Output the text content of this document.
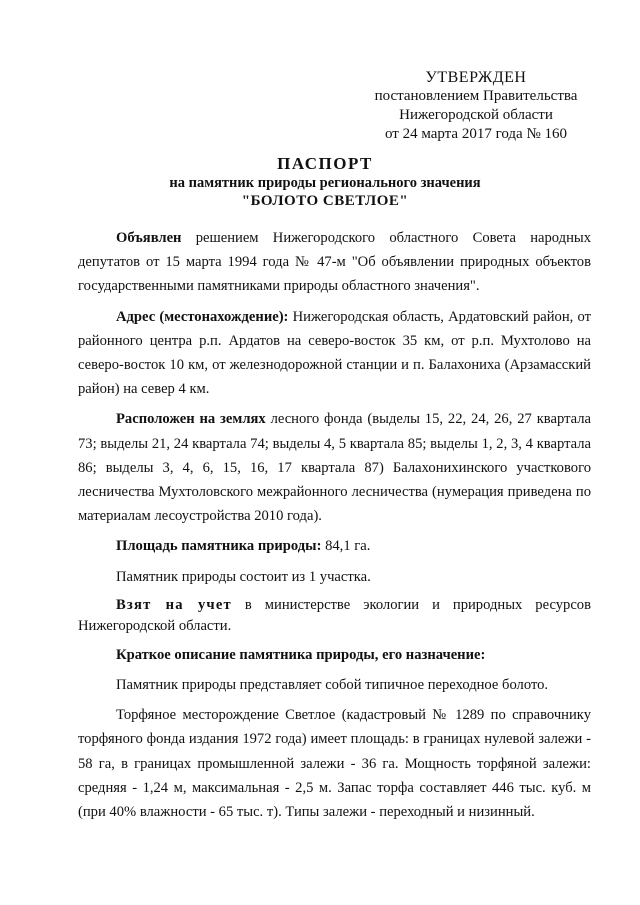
УТВЕРЖДЕН
постановлением Правительства
Нижегородской области
от 24 марта 2017 года № 160
ПАСПОРТ
на памятник природы регионального значения
"БОЛОТО СВЕТЛОЕ"

Объявлен решением Нижегородского областного Совета народных депутатов от 15 марта 1994 года № 47-м "Об объявлении природных объектов государственными памятниками природы областного значения".

Адрес (местонахождение): Нижегородская область, Ардатовский район, от районного центра р.п. Ардатов на северо-восток 35 км, от р.п. Мухтолово на северо-восток 10 км, от железнодорожной станции и п. Балахониха (Арзамасский район) на север 4 км.

Расположен на землях лесного фонда (выделы 15, 22, 24, 26, 27 квартала 73; выделы 21, 24 квартала 74; выделы 4, 5 квартала 85; выделы 1, 2, 3, 4 квартала 86; выделы 3, 4, 6, 15, 16, 17 квартала 87) Балахонихинского участкового лесничества Мухтоловского межрайонного лесничества (нумерация приведена по материалам лесоустройства 2010 года).

Площадь памятника природы: 84,1 га.

Памятник природы состоит из 1 участка.

Взят на учет в министерстве экологии и природных ресурсов Нижегородской области.

Краткое описание памятника природы, его назначение:

Памятник природы представляет собой типичное переходное болото.

Торфяное месторождение Светлое (кадастровый № 1289 по справочнику торфяного фонда издания 1972 года) имеет площадь: в границах нулевой залежи - 58 га, в границах промышленной залежи - 36 га. Мощность торфяной залежи: средняя - 1,24 м, максимальная - 2,5 м. Запас торфа составляет 446 тыс. куб. м (при 40% влажности - 65 тыс. т). Типы залежи - переходный и низинный.
